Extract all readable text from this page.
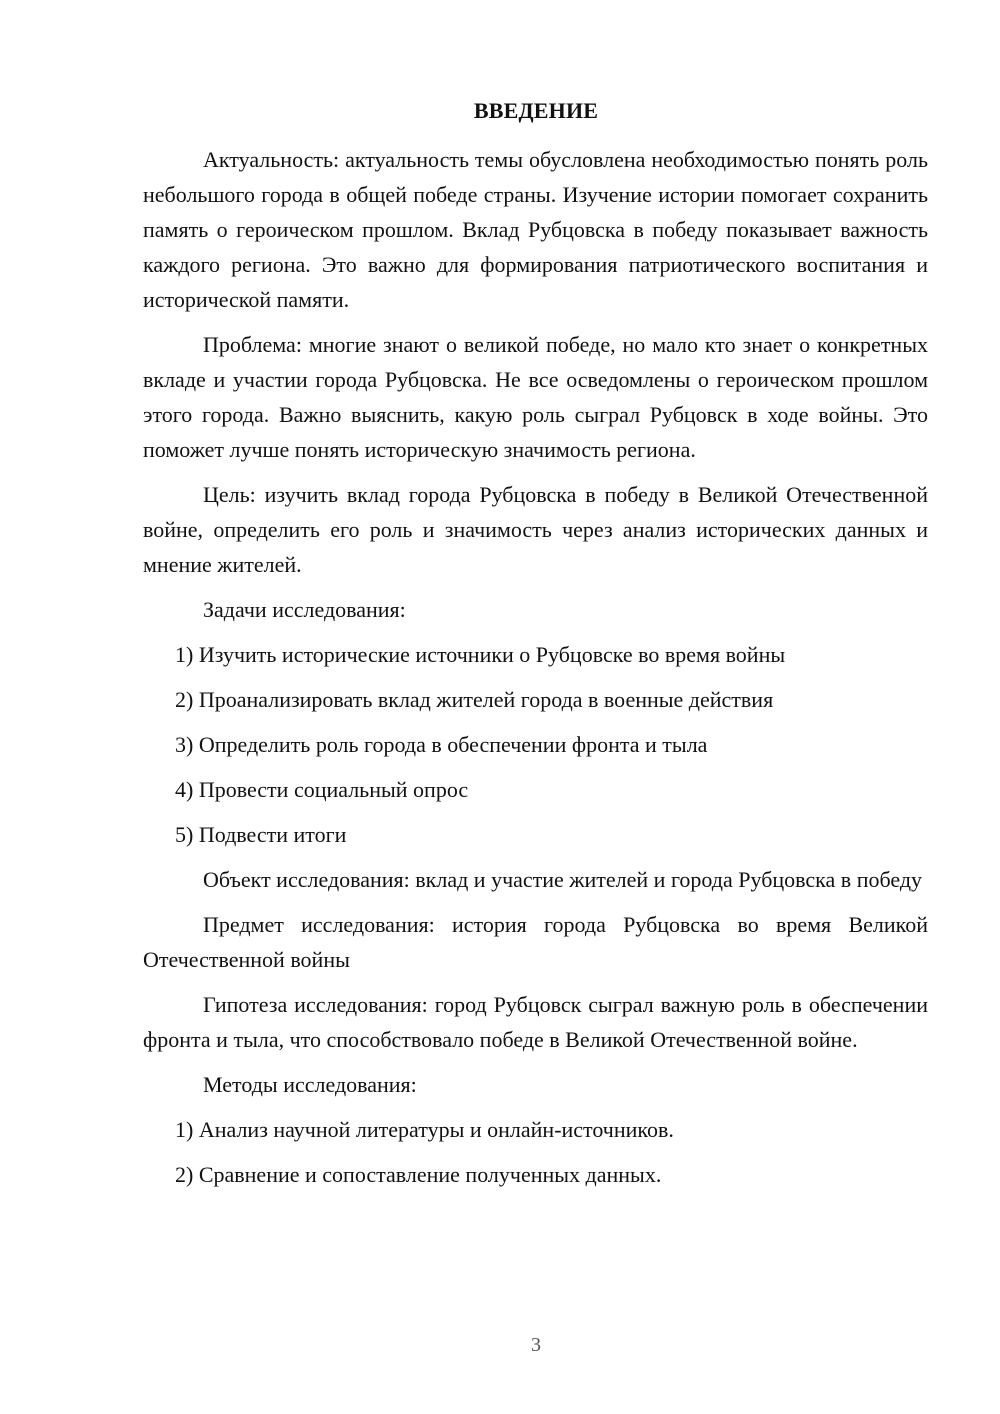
ВВЕДЕНИЕ

Актуальность: актуальность темы обусловлена необходимостью понять роль небольшого города в общей победе страны. Изучение истории помогает сохранить память о героическом прошлом. Вклад Рубцовска в победу показывает важность каждого региона. Это важно для формирования патриотического воспитания и исторической памяти.

Проблема: многие знают о великой победе, но мало кто знает о конкретных вкладе и участии города Рубцовска. Не все осведомлены о героическом прошлом этого города. Важно выяснить, какую роль сыграл Рубцовск в ходе войны. Это поможет лучше понять историческую значимость региона.

Цель: изучить вклад города Рубцовска в победу в Великой Отечественной войне, определить его роль и значимость через анализ исторических данных и мнение жителей.

Задачи исследования:

1) Изучить исторические источники о Рубцовске во время войны
2) Проанализировать вклад жителей города в военные действия
3) Определить роль города в обеспечении фронта и тыла
4) Провести социальный опрос
5) Подвести итоги

Объект исследования: вклад и участие жителей и города Рубцовска в победу

Предмет исследования: история города Рубцовска во время Великой Отечественной войны

Гипотеза исследования: город Рубцовск сыграл важную роль в обеспечении фронта и тыла, что способствовало победе в Великой Отечественной войне.

Методы исследования:

1) Анализ научной литературы и онлайн-источников.
2) Сравнение и сопоставление полученных данных.
3
